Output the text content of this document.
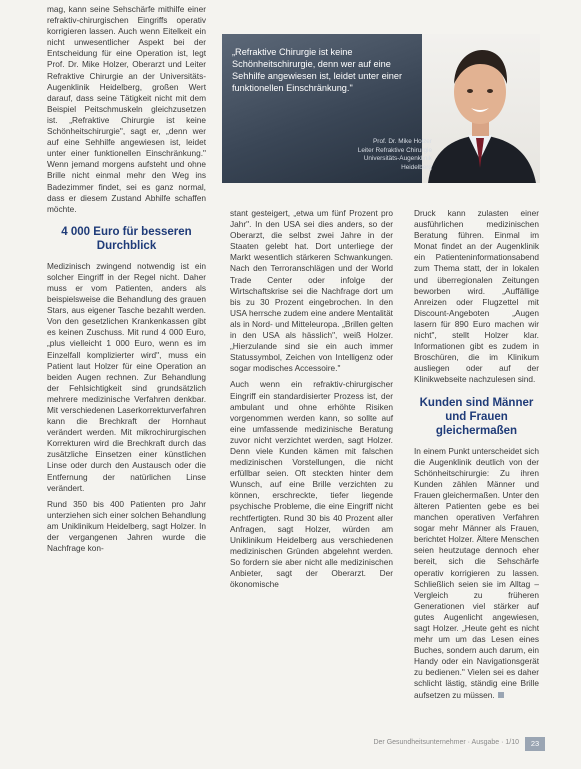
mag, kann seine Sehschärfe mithilfe einer refraktiv-chirurgischen Eingriffs operativ korrigieren lassen. Auch wenn Eitelkeit ein nicht unwesentlicher Aspekt bei der Entscheidung für eine Operation ist, legt Prof. Dr. Mike Holzer, Oberarzt und Leiter Refraktive Chirurgie an der Universitäts-Augenklinik Heidelberg, großen Wert darauf, dass seine Tätigkeit nicht mit dem Beispiel Peitschmuskeln gleichzusetzen ist. „Refraktive Chirurgie ist keine Schönheitschirurgie", sagt er, „denn wer auf eine Sehhilfe angewiesen ist, leidet unter einer funktionellen Einschränkung." Wenn jemand morgens aufsteht und ohne Brille nicht einmal mehr den Weg ins Badezimmer findet, sei es ganz normal, dass er diesem Zustand Abhilfe schaffen möchte.

4 000 Euro für besseren Durchblick

Medizinisch zwingend notwendig ist ein solcher Eingriff in der Regel nicht. Daher muss er vom Patienten, anders als beispielsweise die Behandlung des grauen Stars, aus eigener Tasche bezahlt werden. Von den gesetzlichen Krankenkassen gibt es keinen Zuschuss. Mit rund 4 000 Euro, „plus vielleicht 1 000 Euro, wenn es im Einzelfall komplizierter wird", muss ein Patient laut Holzer für eine Operation an beiden Augen rechnen. Zur Behandlung der Fehlsichtigkeit sind grundsätzlich mehrere medizinische Verfahren denkbar. Mit verschiedenen Laserkorrekturverfahren kann die Brechkraft der Hornhaut verändert werden. Mit mikrochirurgischen Korrekturen wird die Brechkraft durch das zusätzliche Einsetzen einer künstlichen Linse oder durch den Austausch oder die Entfernung der natürlichen Linse verändert.

Rund 350 bis 400 Patienten pro Jahr unterziehen sich einer solchen Behandlung am Uniklinikum Heidelberg, sagt Holzer. In der vergangenen Jahren wurde die Nachfrage kon-

„Refraktive Chirurgie ist keine Schönheitschirurgie, denn wer auf eine Sehhilfe angewiesen ist, leidet unter einer funktionellen Einschränkung."
Prof. Dr. Mike Holzer
Leiter Refraktive Chirurgie
Universitäts-Augenklinik Heidelberg

stant gesteigert, „etwa um fünf Prozent pro Jahr". In den USA sei dies anders, so der Oberarzt, die selbst zwei Jahre in der Staaten gelebt hat. Dort unterliege der Markt wesentlich stärkeren Schwankungen. Nach den Terroranschlägen und der World Trade Center oder infolge der Wirtschaftskrise sei die Nachfrage dort um bis zu 30 Prozent eingebrochen. In den USA herrsche zudem eine andere Mentalität als in Nord- und Mitteleuropa. „Brillen gelten in den USA als hässlich", weiß Holzer. „Hierzulande sind sie ein auch immer Statussymbol, Zeichen von Intelligenz oder sogar modisches Accessoire."

Auch wenn ein refraktiv-chirurgischer Eingriff ein standardisierter Prozess ist, der ambulant und ohne erhöhte Risiken vorgenommen werden kann, so sollte auf eine umfassende medizinische Beratung zuvor nicht verzichtet werden, sagt Holzer. Denn viele Kunden kämen mit falschen medizinischen Vorstellungen, die nicht erfüllbar seien. Oft steckten hinter dem Wunsch, auf eine Brille verzichten zu können, erschreckte, tiefer liegende psychische Probleme, die eine Eingriff nicht rechtfertigten. Rund 30 bis 40 Prozent aller Anfragen, sagt Holzer, würden am Uniklinikum Heidelberg aus verschiedenen medizinischen Gründen abgelehnt werden. So fordern sie aber nicht alle medizinischen Anbieter, sagt der Oberarzt. Der ökonomische

Druck kann zulasten einer ausführlichen medizinischen Beratung führen. Einmal im Monat findet an der Augenklinik ein Patienteninformationsabend zum Thema statt, der in lokalen und überregionalen Zeitungen beworben wird. „Auffällige Anreizen oder Flugzettel mit Discount-Angeboten „Augen lasern für 890 Euro machen wir nicht", stellt Holzer klar. Informationen gibt es zudem in Broschüren, die im Klinikum ausliegen oder auf der Klinikwebseite nachzulesen sind.

Kunden sind Männer und Frauen gleichermaßen

In einem Punkt unterscheidet sich die Augenklinik deutlich von der Schönheitschirurgie: Zu ihren Kunden zählen Männer und Frauen gleichermaßen. Unter den älteren Patienten gebe es bei manchen operativen Verfahren sogar mehr Männer als Frauen, berichtet Holzer. Ältere Menschen seien heutzutage dennoch eher bereit, sich die Sehschärfe operativ korrigieren zu lassen. Schließlich seien sie im Alltag – Vergleich zu früheren Generationen viel stärker auf gutes Augenlicht angewiesen, sagt Holzer. „Heute geht es nicht mehr um um das Lesen eines Buches, sondern auch darum, ein Handy oder ein Navigationsgerät zu bedienen." Vielen sei es daher schlicht lästig, ständig eine Brille aufsetzen zu müssen.

Der Gesundheitsunternehmer · Ausgabe · 1/10	23
